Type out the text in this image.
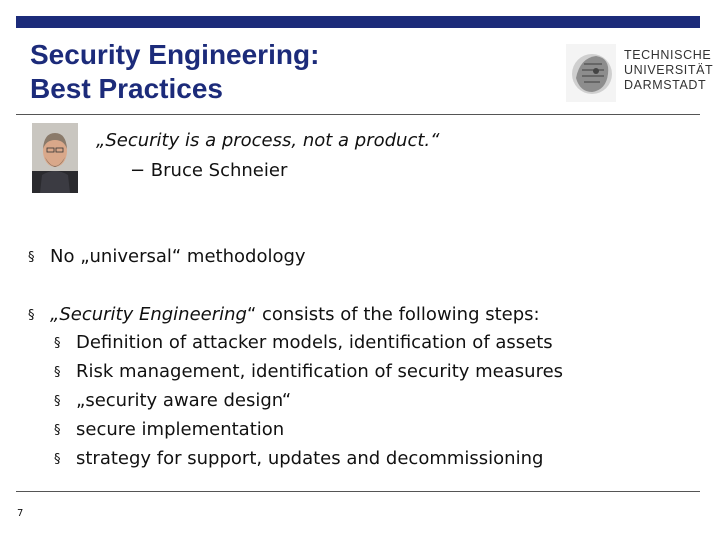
Security Engineering:
Best Practices
TECHNISCHE
UNIVERSITÄT
DARMSTADT
„Security is a process, not a product.“
− Bruce Schneier
§ No „universal“ methodology
§ „Security Engineering“ consists of the following steps:
§ Definition of attacker models, identification of assets
§ Risk management, identification of security measures
§ „security aware design“
§ secure implementation
§ strategy for support, updates and decommissioning
7
